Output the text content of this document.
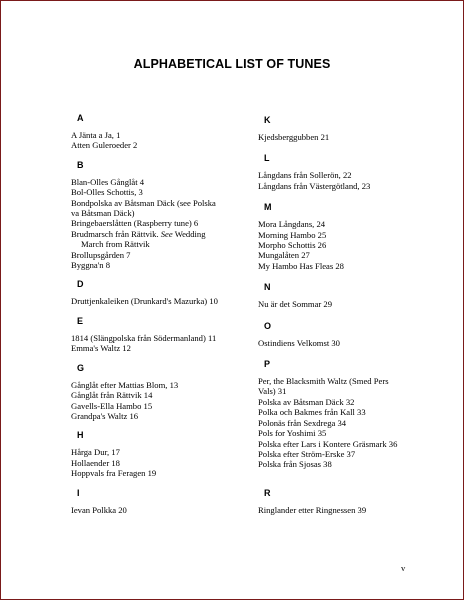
ALPHABETICAL LIST OF TUNES
A
A Jänta a Ja, 1
Atten Guleroeder 2
B
Blan-Olles Gånglåt 4
Bol-Olles Schottis, 3
Bondpolska av Båtsman Däck (see Polska
va Båtsman Däck)
Bringebaerslåtten (Raspberry tune) 6
Brudmarsch från Rättvik. See Wedding
March from Rättvik
Brollupsgården 7
Byggna'n 8
D
Druttjenkaleiken (Drunkard's Mazurka) 10
E
1814 (Slängpolska från Södermanland) 11
Emma's Waltz 12
G
Gånglåt efter Mattias Blom, 13
Gånglåt från Rättvik 14
Gavells-Ella Hambo 15
Grandpa's Waltz 16
H
Hårga Dur, 17
Hollaender 18
Hoppvals fra Feragen 19
I
Ievan Polkka 20
K
Kjedsberggubben 21
L
Långdans från Sollerön, 22
Långdans från Västergötland, 23
M
Mora Långdans, 24
Morning Hambo 25
Morpho Schottis 26
Mungalåten 27
My Hambo Has Fleas 28
N
Nu är det Sommar 29
O
Ostindiens Velkomst 30
P
Per, the Blacksmith Waltz (Smed Pers
Vals) 31
Polska av Båtsman Däck 32
Polka och Bakmes från Kall 33
Polonäs från Sexdrega 34
Pols for Yoshimi 35
Polska efter Lars i Kontere Gräsmark 36
Polska efter Ström-Erske 37
Polska från Sjosas 38
R
Ringlander etter Ringnessen 39
v
